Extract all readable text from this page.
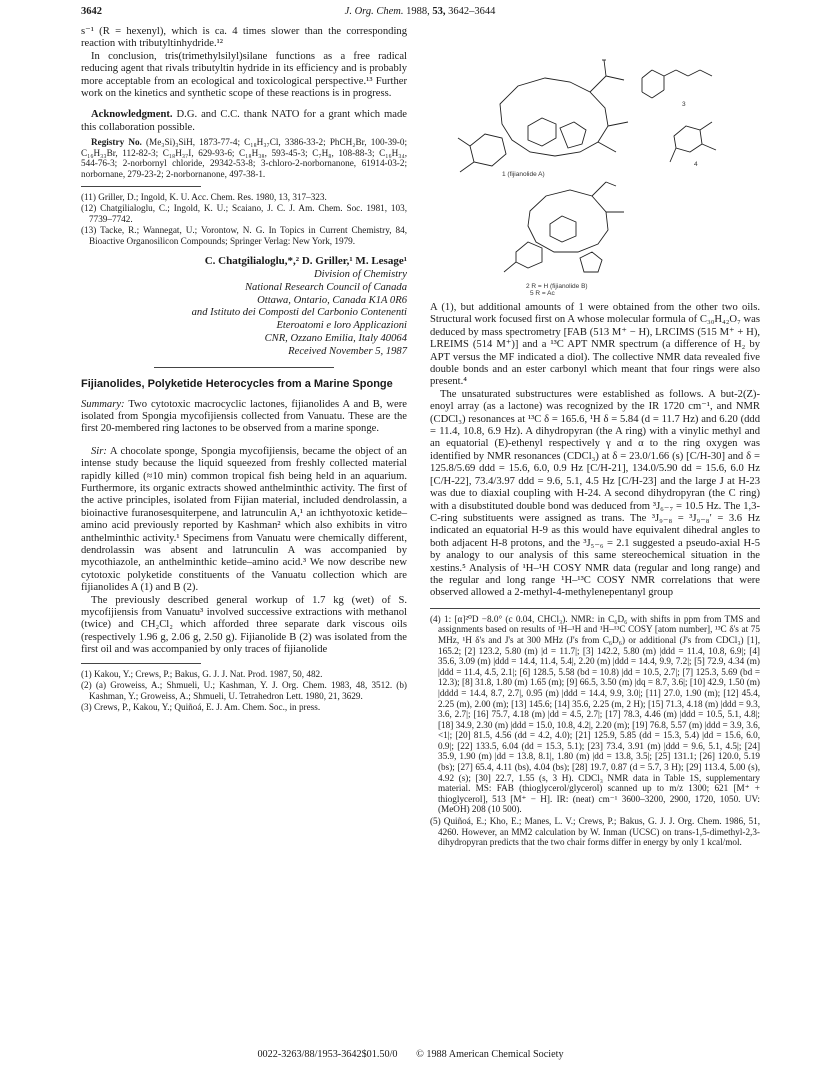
3642	J. Org. Chem. 1988, 53, 3642–3644

s⁻¹ (R = hexenyl), which is ca. 4 times slower than the corresponding reaction with tributyltinhydride.¹²

In conclusion, tris(trimethylsilyl)silane functions as a free radical reducing agent that rivals tributyltin hydride in its efficiency and is probably more acceptable from an ecological and toxicological perspective.¹³ Further work on the kinetics and synthetic scope of these reactions is in progress.

Acknowledgment. D.G. and C.C. thank NATO for a grant which made this collaboration possible.

Registry No. (Me₃Si)₃SiH, 1873-77-4; C₁₈H₃₇Cl, 3386-33-2; PhCH₂Br, 100-39-0; C₁₆H₃₃Br, 112-82-3; C₁₈H₃₇I, 629-93-6; C₁₈H₃₈, 593-45-3; C₇H₈, 108-88-3; C₁₆H₃₄, 544-76-3; 2-norbornyl chloride, 29342-53-8; 3-chloro-2-norbornanone, 61914-03-2; norbornane, 279-23-2; 2-norbornanone, 497-38-1.

(11) Griller, D.; Ingold, K. U. Acc. Chem. Res. 1980, 13, 317–323.

(12) Chatgilialoglu, C.; Ingold, K. U.; Scaiano, J. C. J. Am. Chem. Soc. 1981, 103, 7739–7742.

(13) Tacke, R.; Wannegat, U.; Vorontow, N. G. In Topics in Current Chemistry, 84, Bioactive Organosilicon Compounds; Springer Verlag: New York, 1979.

C. Chatgilialoglu,*,² D. Griller,¹ M. Lesage¹

Division of Chemistry

National Research Council of Canada

Ottawa, Ontario, Canada K1A 0R6

and Istituto dei Composti del Carbonio Contenenti

Eteroatomi e loro Applicazioni

CNR, Ozzano Emilia, Italy 40064

Received November 5, 1987

Fijianolides, Polyketide Heterocycles from a Marine Sponge

Summary: Two cytotoxic macrocyclic lactones, fijianolides A and B, were isolated from Spongia mycofijiensis collected from Vanuatu. These are the first 20-membered ring lactones to be observed from a marine sponge.

Sir: A chocolate sponge, Spongia mycofijiensis, became the object of an intense study because the liquid squeezed from freshly collected material rapidly killed (≈10 min) common tropical fish being held in an aquarium. Furthermore, its organic extracts showed anthelminthic activity. The first of the active principles, isolated from Fijian material, included dendrolassin, a bioinactive furanosesquiterpene, and latrunculin A,¹ an ichthyotoxic ketide–amino acid previously reported by Kashman² which also exhibits in vitro anthelminthic activity.¹ Specimens from Vanuatu were chemically different, dendrolassin was absent and latrunculin A was accompanied by mycothiazole, an anthelminthic ketide–amino acid.³ We now describe new cytotoxic polyketide constituents of the Vanuatu collection which are fijianolides A (1) and B (2).

The previously described general workup of 1.7 kg (wet) of S. mycofijiensis from Vanuatu³ involved successive extractions with methanol (twice) and CH₂Cl₂ which afforded three separate dark viscous oils (respectively 1.96 g, 2.06 g, 2.50 g). Fijianolide B (2) was isolated from the first oil and was accompanied by only traces of fijianolide

(1) Kakou, Y.; Crews, P.; Bakus, G. J. J. Nat. Prod. 1987, 50, 482.

(2) (a) Groweiss, A.; Shmueli, U.; Kashman, Y. J. Org. Chem. 1983, 48, 3512. (b) Kashman, Y.; Groweiss, A.; Shmueli, U. Tetrahedron Lett. 1980, 21, 3629.

(3) Crews, P., Kakou, Y.; Quiñoá, E. J. Am. Chem. Soc., in press.

1 (fijianolide A)
2 R = H (fijianolide B)
3
4
5 R = Ac

A (1), but additional amounts of 1 were obtained from the other two oils. Structural work focused first on A whose molecular formula of C₃₀H₄₂O₇ was deduced by mass spectrometry [FAB (513 M⁺ − H), LRCIMS (515 M⁺ + H), LREIMS (514 M⁺)] and a ¹³C APT NMR spectrum (a difference of H₂ by APT versus the MF indicated a diol). The collective NMR data revealed five double bonds and an ester carbonyl which meant that four rings were also present.⁴

The unsaturated substructures were established as follows. A but-2(Z)-enoyl array (as a lactone) was recognized by the IR 1720 cm⁻¹, and NMR (CDCl₃) resonances at ¹³C δ = 165.6, ¹H δ = 5.84 (d = 11.7 Hz) and 6.20 (ddd = 11.4, 10.8, 6.9 Hz). A dihydropyran (the A ring) with a vinylic methyl and an equatorial (E)-ethenyl respectively γ and α to the ring oxygen was identified by NMR resonances (CDCl₃) at δ = 23.0/1.66 (s) [C/H-30] and δ = 125.8/5.69 ddd = 15.6, 6.0, 0.9 Hz [C/H-21], 134.0/5.90 dd = 15.6, 6.0 Hz [C/H-22], 73.4/3.97 ddd = 9.6, 5.1, 4.5 Hz [C/H-23] and the large J at H-23 was due to diaxial coupling with H-24. A second dihydropyran (the C ring) with a disubstituted double bond was deduced from ³J₆₋₇ = 10.5 Hz. The 1,3-C-ring substituents were assigned as trans. The ³J₉₋₈ = ³J₉₋₈′ = 3.6 Hz indicated an equatorial H-9 as this would have equivalent dihedral angles to both adjacent H-8 protons, and the ³J₅₋₆ = 2.1 suggested a pseudo-axial H-5 by analogy to our analysis of this same stereochemical situation in the xestins.⁵ Analysis of ¹H–¹H COSY NMR data (regular and long range) and the regular and long range ¹H–¹³C COSY NMR correlations that were observed allowed a 2-methyl-4-methylenepentanyl group

(4) 1: [α]²⁰D −8.0° (c 0.04, CHCl₃). NMR: in C₆D₆ with shifts in ppm from TMS and assignments based on results of ¹H–¹H and ¹H–¹³C COSY [atom number], ¹³C δ's at 75 MHz, ¹H δ's and J's at 300 MHz (J's from C₆D₆) or additional (J's from CDCl₃) [1], 165.2; [2] 123.2, 5.80 (m) |d = 11.7|; [3] 142.2, 5.80 (m) |ddd = 11.4, 10.8, 6.9|; [4] 35.6, 3.09 (m) |ddd = 14.4, 11.4, 5.4|, 2.20 (m) |ddd = 14.4, 9.9, 7.2|; [5] 72.9, 4.34 (m) |ddd = 11.4, 4.5, 2.1|; [6] 128.5, 5.58 (bd = 10.8) |dd = 10.5, 2.7|; [7] 125.3, 5.69 (bd = 12.3); [8] 31.8, 1.80 (m) 1.65 (m); [9] 66.5, 3.50 (m) |dq = 8.7, 3.6|; [10] 42.9, 1.50 (m) |dddd = 14.4, 8.7, 2.7|, 0.95 (m) |ddd = 14.4, 9.9, 3.0|; [11] 27.0, 1.90 (m); [12] 45.4, 2.25 (m), 2.00 (m); [13] 145.6; [14] 35.6, 2.25 (m, 2 H); [15] 71.3, 4.18 (m) |ddd = 9.3, 3.6, 2.7|; [16] 75.7, 4.18 (m) |dd = 4.5, 2.7|; [17] 78.3, 4.46 (m) |ddd = 10.5, 5.1, 4.8|; [18] 34.9, 2.30 (m) |ddd = 15.0, 10.8, 4.2|, 2.20 (m); [19] 76.8, 5.57 (m) |ddd = 3.9, 3.6, <1|; [20] 81.5, 4.56 (dd = 4.2, 4.0); [21] 125.9, 5.85 (dd = 15.3, 5.4) |dd = 15.6, 6.0, 0.9|; [22] 133.5, 6.04 (dd = 15.3, 5.1); [23] 73.4, 3.91 (m) |ddd = 9.6, 5.1, 4.5|; [24] 35.9, 1.90 (m) |dd = 13.8, 8.1|, 1.80 (m) |dd = 13.8, 3.5|; [25] 131.1; [26] 120.0, 5.19 (bs); [27] 65.4, 4.11 (bs), 4.04 (bs); [28] 19.7, 0.87 (d = 5.7, 3 H); [29] 113.4, 5.00 (s), 4.92 (s); [30] 22.7, 1.55 (s, 3 H). CDCl₃ NMR data in Table 1S, supplementary material. MS: FAB (thioglycerol/glycerol) scanned up to m/z 1300; 621 [M⁺ + thioglycerol], 513 [M⁺ − H]. IR: (neat) cm⁻¹ 3600–3200, 2900, 1720, 1050. UV: (MeOH) 208 (10 500).

(5) Quiñoá, E.; Kho, E.; Manes, L. V.; Crews, P.; Bakus, G. J. J. Org. Chem. 1986, 51, 4260. However, an MM2 calculation by W. Inman (UCSC) on trans-1,5-dimethyl-2,3-dihydropyran predicts that the two chair forms differ in energy by only 1 kcal/mol.

0022-3263/88/1953-3642$01.50/0 © 1988 American Chemical Society
